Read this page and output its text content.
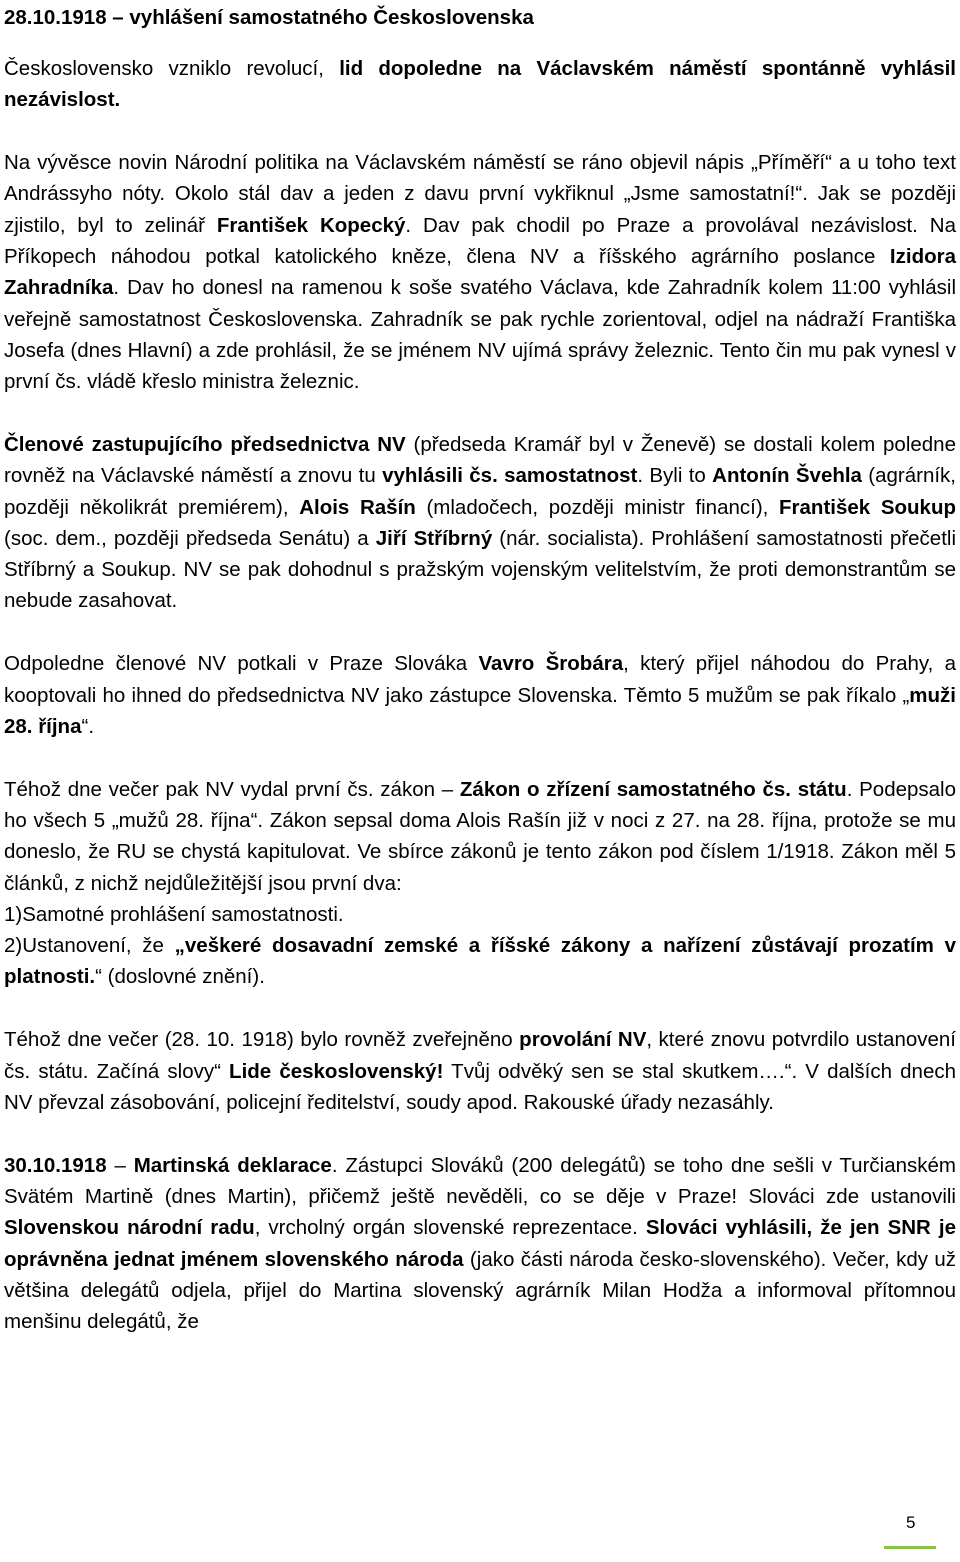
28.10.1918 – vyhlášení samostatného Československa
Československo vzniklo revolucí, lid dopoledne na Václavském náměstí spontánně vyhlásil nezávislost.
Na vývěsce novin Národní politika na Václavském náměstí se ráno objevil nápis „Příměří“ a u toho text Andrássyho nóty. Okolo stál dav a jeden z davu první vykřiknul „Jsme samostatní!“. Jak se později zjistilo, byl to zelinář František Kopecký. Dav pak chodil po Praze a provolával nezávislost. Na Příkopech náhodou potkal katolického kněze, člena NV a říšského agrárního poslance Izidora Zahradníka. Dav ho donesl na ramenou k soše svatého Václava, kde Zahradník kolem 11:00 vyhlásil veřejně samostatnost Československa. Zahradník se pak rychle zorientoval, odjel na nádraží Františka Josefa (dnes Hlavní) a zde prohlásil, že se jménem NV ujímá správy železnic. Tento čin mu pak vynesl v první čs. vládě křeslo ministra železnic.
Členové zastupujícího předsednictva NV (předseda Kramář byl v Ženevě) se dostali kolem poledne rovněž na Václavské náměstí a znovu tu vyhlásili čs. samostatnost. Byli to Antonín Švehla (agrárník, později několikrát premiérem), Alois Rašín (mladočech, později ministr financí), František Soukup (soc. dem., později předseda Senátu) a Jiří Stříbrný (nár. socialista). Prohlášení samostatnosti přečetli Stříbrný a Soukup. NV se pak dohodnul s pražským vojenským velitelstvím, že proti demonstrantům se nebude zasahovat.
Odpoledne členové NV potkali v Praze Slováka Vavro Šrobára, který přijel náhodou do Prahy, a kooptovali ho ihned do předsednictva NV jako zástupce Slovenska. Těmto 5 mužům se pak říkalo „muži 28. října“.
Téhož dne večer pak NV vydal první čs. zákon – Zákon o zřízení samostatného čs. státu. Podepsalo ho všech 5 „mužů 28. října“. Zákon sepsal doma Alois Rašín již v noci z 27. na 28. října, protože se mu doneslo, že RU se chystá kapitulovat. Ve sbírce zákonů je tento zákon pod číslem 1/1918. Zákon měl 5 článků, z nichž nejdůležitější jsou první dva:
1)Samotné prohlášení samostatnosti.
2)Ustanovení, že „veškeré dosavadní zemské a říšské zákony a nařízení zůstávají prozatím v platnosti.“ (doslovné znění).
Téhož dne večer (28. 10. 1918) bylo rovněž zveřejněno provolání NV, které znovu potvrdilo ustanovení čs. státu. Začíná slovy“ Lide československý! Tvůj odvěký sen se stal skutkem….“. V dalších dnech NV převzal zásobování, policejní ředitelství, soudy apod. Rakouské úřady nezasáhly.
30.10.1918 – Martinská deklarace. Zástupci Slováků (200 delegátů) se toho dne sešli v Turčianském Svätém Martině (dnes Martin), přičemž ještě nevěděli, co se děje v Praze! Slováci zde ustanovili Slovenskou národní radu, vrcholný orgán slovenské reprezentace. Slováci vyhlásili, že jen SNR je oprávněna jednat jménem slovenského národa (jako části národa česko-slovenského). Večer, kdy už většina delegátů odjela, přijel do Martina slovenský agrárník Milan Hodža a informoval přítomnou menšinu delegátů, že
5
